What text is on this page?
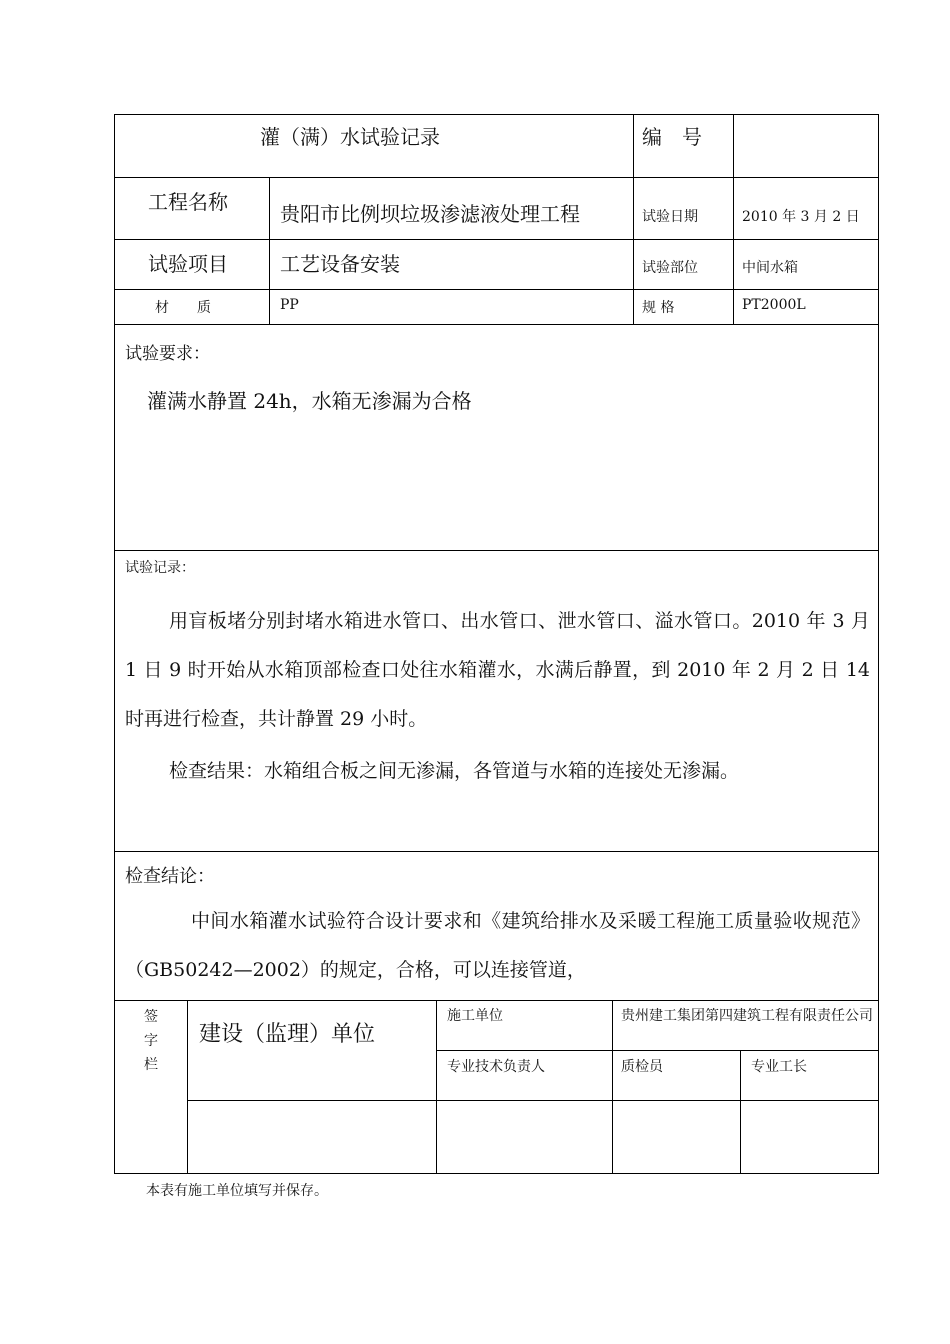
灌（满）水试验记录	编　号
工程名称	贵阳市比例坝垃圾渗滤液处理工程	试验日期	2010 年 3 月 2 日
试验项目	工艺设备安装	试验部位	中间水箱
材　　质	PP	规 格	PT2000L
试验要求：
灌满水静置 24h，水箱无渗漏为合格
试验记录：
用盲板堵分别封堵水箱进水管口、出水管口、泄水管口、溢水管口。2010 年 3 月 1 日 9 时开始从水箱顶部检查口处往水箱灌水，水满后静置，到 2010 年 2 月 2 日 14 时再进行检查，共计静置 29 小时。
检查结果：水箱组合板之间无渗漏，各管道与水箱的连接处无渗漏。
检查结论：
中间水箱灌水试验符合设计要求和《建筑给排水及采暖工程施工质量验收规范》（GB50242—2002）的规定，合格，可以连接管道，
签字栏
建设（监理）单位
施工单位	贵州建工集团第四建筑工程有限责任公司
专业技术负责人	质检员	专业工长
本表有施工单位填写并保存。
